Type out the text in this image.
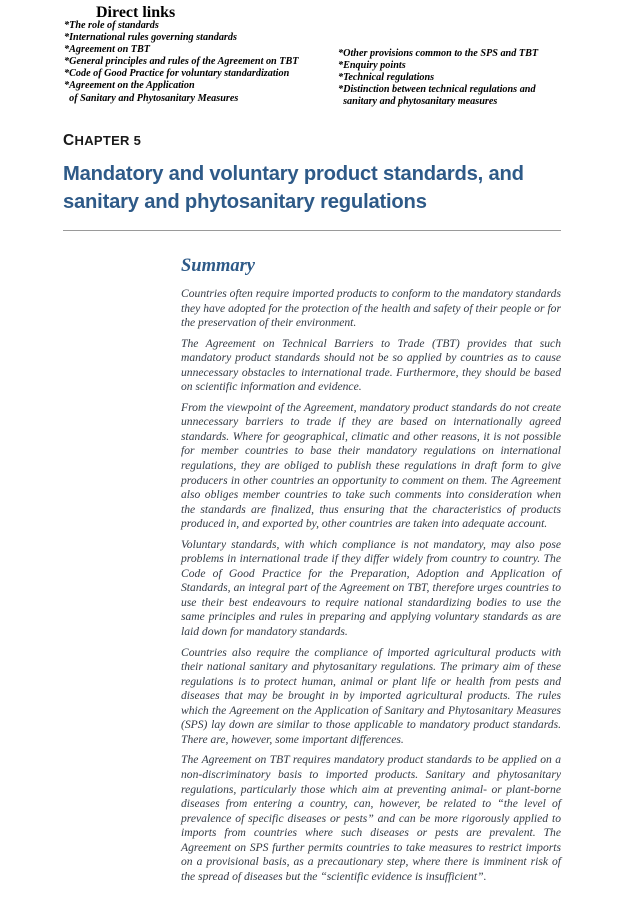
Direct links
*The role of standards
*International rules governing standards
*Agreement on TBT
*General principles and rules of the Agreement on TBT
*Code of Good Practice for voluntary standardization
*Agreement on the Application
of Sanitary and Phytosanitary Measures
*Other provisions common to the SPS and TBT
*Enquiry points
*Technical regulations
*Distinction between technical regulations and
sanitary and phytosanitary measures
CHAPTER 5
Mandatory and voluntary product standards, and sanitary and phytosanitary regulations
Summary

Countries often require imported products to conform to the mandatory standards they have adopted for the protection of the health and safety of their people or for the preservation of their environment.

The Agreement on Technical Barriers to Trade (TBT) provides that such mandatory product standards should not be so applied by countries as to cause unnecessary obstacles to international trade. Furthermore, they should be based on scientific information and evidence.

From the viewpoint of the Agreement, mandatory product standards do not create unnecessary barriers to trade if they are based on internationally agreed standards. Where for geographical, climatic and other reasons, it is not possible for member countries to base their mandatory regulations on international regulations, they are obliged to publish these regulations in draft form to give producers in other countries an opportunity to comment on them. The Agreement also obliges member countries to take such comments into consideration when the standards are finalized, thus ensuring that the characteristics of products produced in, and exported by, other countries are taken into adequate account.

Voluntary standards, with which compliance is not mandatory, may also pose problems in international trade if they differ widely from country to country. The Code of Good Practice for the Preparation, Adoption and Application of Standards, an integral part of the Agreement on TBT, therefore urges countries to use their best endeavours to require national standardizing bodies to use the same principles and rules in preparing and applying voluntary standards as are laid down for mandatory standards.

Countries also require the compliance of imported agricultural products with their national sanitary and phytosanitary regulations. The primary aim of these regulations is to protect human, animal or plant life or health from pests and diseases that may be brought in by imported agricultural products. The rules which the Agreement on the Application of Sanitary and Phytosanitary Measures (SPS) lay down are similar to those applicable to mandatory product standards. There are, however, some important differences.

The Agreement on TBT requires mandatory product standards to be applied on a non-discriminatory basis to imported products. Sanitary and phytosanitary regulations, particularly those which aim at preventing animal- or plant-borne diseases from entering a country, can, however, be related to “the level of prevalence of specific diseases or pests” and can be more rigorously applied to imports from countries where such diseases or pests are prevalent. The Agreement on SPS further permits countries to take measures to restrict imports on a provisional basis, as a precautionary step, where there is imminent risk of the spread of diseases but the “scientific evidence is insufficient”.
